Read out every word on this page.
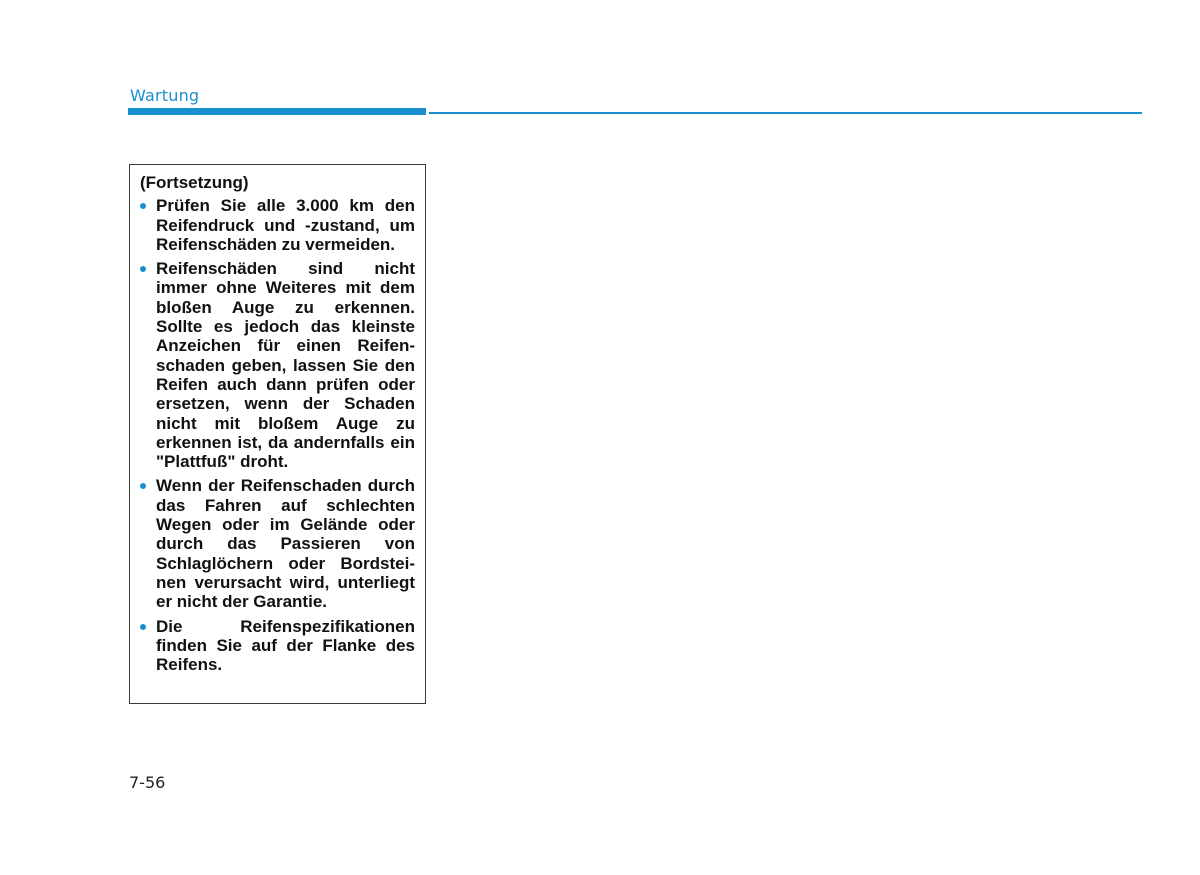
Wartung
(Fortsetzung)
Prüfen Sie alle 3.000 km den Reifendruck und -zustand, um Reifenschäden zu vermeiden.
Reifenschäden sind nicht immer ohne Weiteres mit dem bloßen Auge zu erkennen. Sollte es jedoch das kleinste Anzeichen für einen Reifenschaden geben, lassen Sie den Reifen auch dann prüfen oder ersetzen, wenn der Schaden nicht mit bloßem Auge zu erkennen ist, da andernfalls ein "Plattfuß" droht.
Wenn der Reifenschaden durch das Fahren auf schlechten Wegen oder im Gelände oder durch das Passieren von Schlaglöchern oder Bordsteinen verursacht wird, unterliegt er nicht der Garantie.
Die Reifenspezifikationen finden Sie auf der Flanke des Reifens.
7-56
